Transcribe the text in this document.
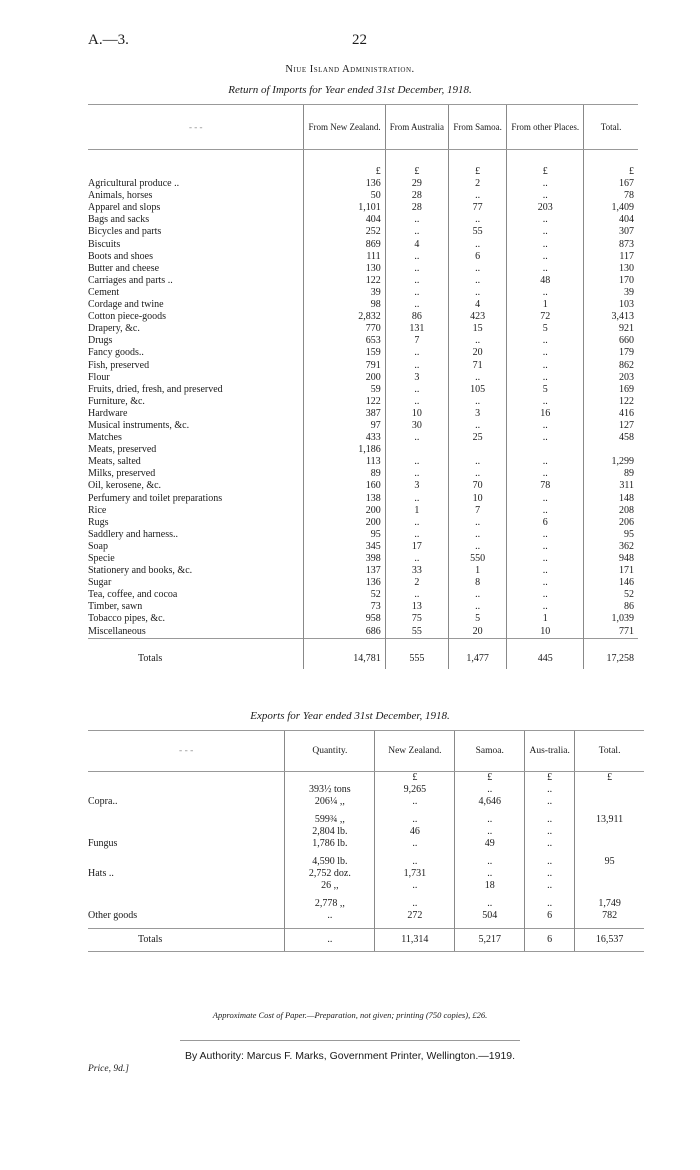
A.—3.	22
Niue Island Administration.
Return of Imports for Year ended 31st December, 1918.
- - -	From New Zealand.	From Australia	From Samoa.	From other Places.	Total.
	£	£	£	£	£
Agricultural produce ..	136	29	2	..	167
Animals, horses	50	28	..	..	78
Apparel and slops	1,101	28	77	203	1,409
Bags and sacks	404	..	..	..	404
Bicycles and parts	252	..	55	..	307
Biscuits	869	4	..	..	873
Boots and shoes	111	..	6	..	117
Butter and cheese	130	..	..	..	130
Carriages and parts ..	122	..	..	48	170
Cement	39	..	..	..	39
Cordage and twine	98	..	4	1	103
Cotton piece-goods	2,832	86	423	72	3,413
Drapery, &c.	770	131	15	5	921
Drugs	653	7	..	..	660
Fancy goods..	159	..	20	..	179
Fish, preserved	791	..	71	..	862
Flour	200	3	..	..	203
Fruits, dried, fresh, and preserved	59	..	105	5	169
Furniture, &c.	122	..	..	..	122
Hardware	387	10	3	16	416
Musical instruments, &c.	97	30	..	..	127
Matches	433	..	25	..	458
Meats, preserved	1,186				
Meats, salted	113	..	..	..	1,299
Milks, preserved	89	..	..	..	89
Oil, kerosene, &c.	160	3	70	78	311
Perfumery and toilet preparations	138	..	10	..	148
Rice	200	1	7	..	208
Rugs	200	..	..	6	206
Saddlery and harness..	95	..	..	..	95
Soap	345	17	..	..	362
Specie	398	..	550	..	948
Stationery and books, &c.	137	33	1	..	171
Sugar	136	2	8	..	146
Tea, coffee, and cocoa	52	..	..	..	52
Timber, sawn	73	13	..	..	86
Tobacco pipes, &c.	958	75	5	1	1,039
Miscellaneous	686	55	20	10	771
Totals	14,781	555	1,477	445	17,258
Exports for Year ended 31st December, 1918.
- - -	Quantity.	New Zealand.	Samoa.	Aus-tralia.	Total.
		£	£	£	£
	393½ tons	9,265	..	..	
Copra..	206¼ ,,	..	4,646	..	

	599¾ ,,	..	..	..	13,911
	2,804 lb.	46	..	..	
Fungus	1,786 lb.	..	49	..	

	4,590 lb.	..	..	..	95
Hats ..	2,752 doz.	1,731	..	..	
	26 ,,	..	18	..	

	2,778 ,,	..	..	..	1,749
Other goods	..	272	504	6	782

Totals	..	11,314	5,217	6	16,537
Approximate Cost of Paper.—Preparation, not given; printing (750 copies), £26.
By Authority: Marcus F. Marks, Government Printer, Wellington.—1919.
Price, 9d.]
